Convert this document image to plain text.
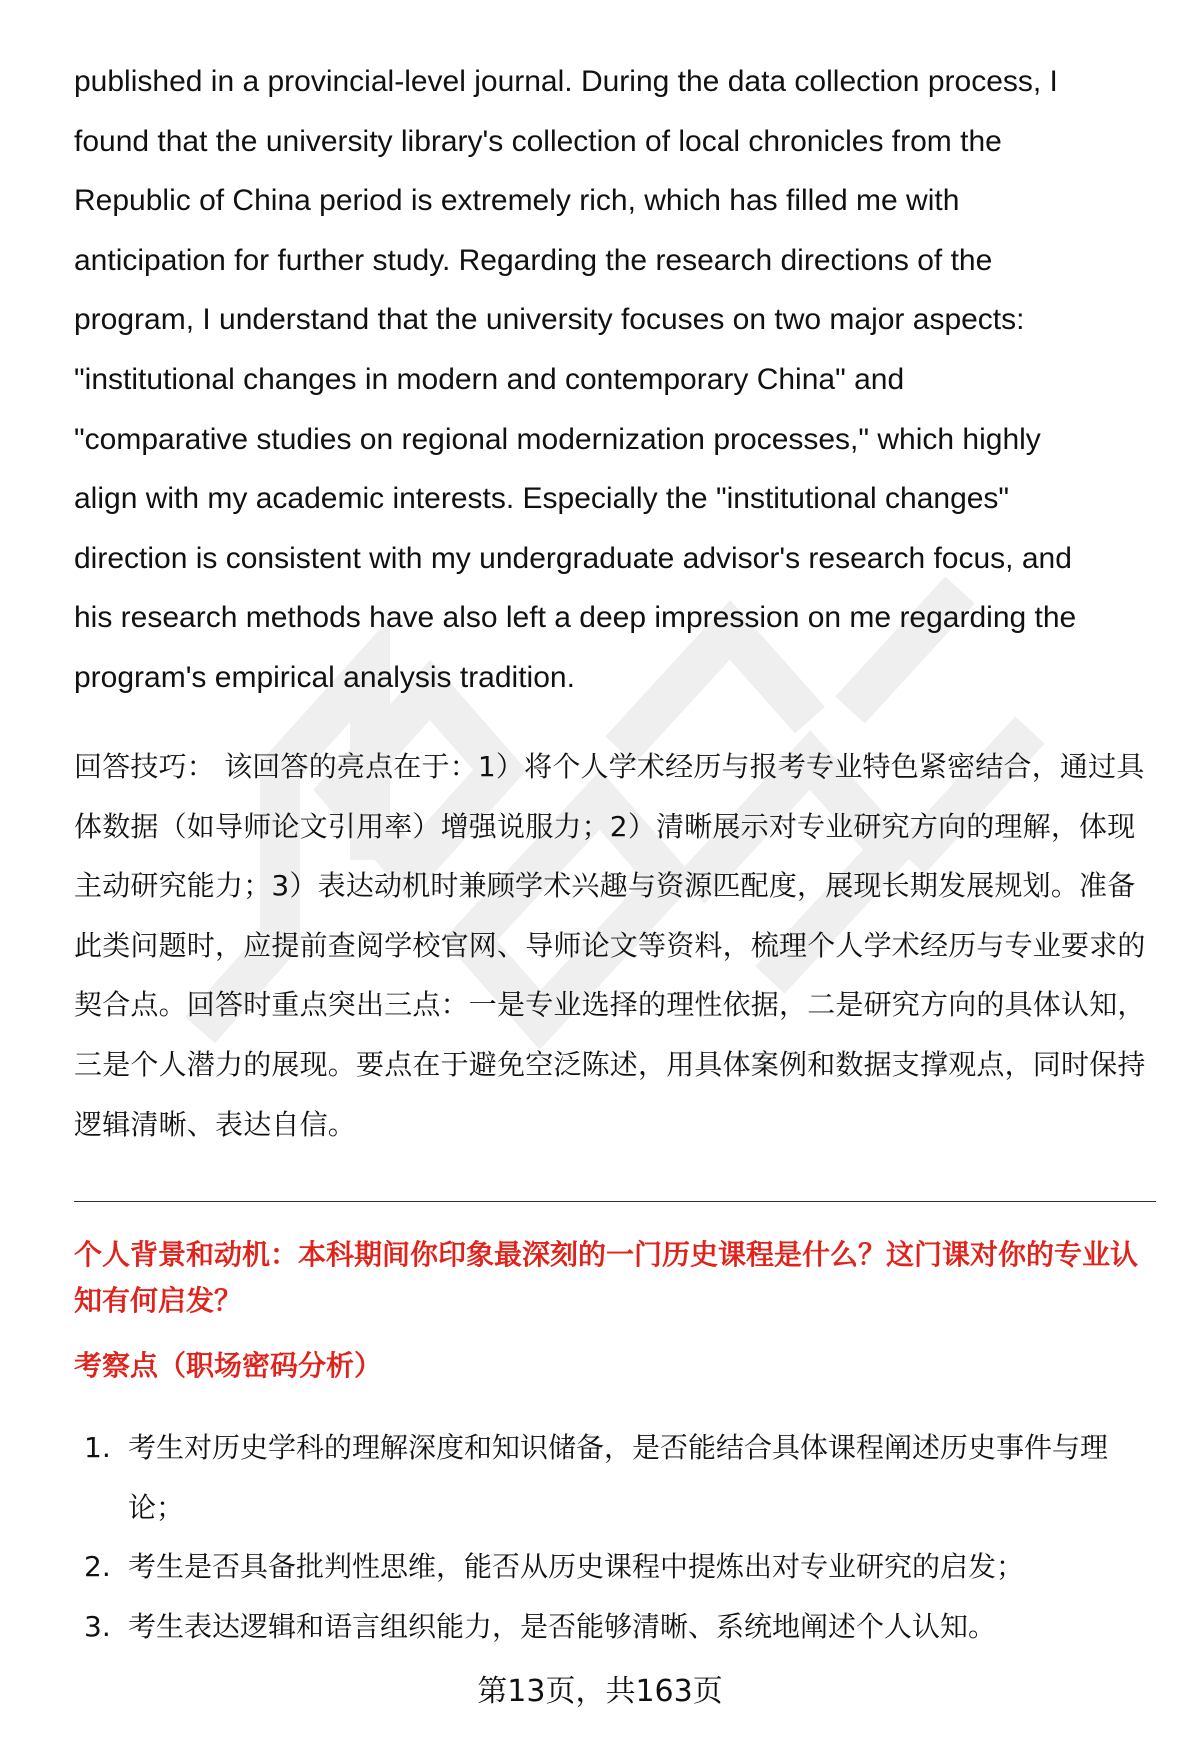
published in a provincial-level journal. During the data collection process, I
found that the university library's collection of local chronicles from the
Republic of China period is extremely rich, which has filled me with
anticipation for further study. Regarding the research directions of the
program, I understand that the university focuses on two major aspects:
"institutional changes in modern and contemporary China" and
"comparative studies on regional modernization processes," which highly
align with my academic interests. Especially the "institutional changes"
direction is consistent with my undergraduate advisor's research focus, and
his research methods have also left a deep impression on me regarding the
program's empirical analysis tradition.

回答技巧： 该回答的亮点在于：1）将个人学术经历与报考专业特色紧密结合，通过具体数据（如导师论文引用率）增强说服力；2）清晰展示对专业研究方向的理解，体现主动研究能力；3）表达动机时兼顾学术兴趣与资源匹配度，展现长期发展规划。准备此类问题时，应提前查阅学校官网、导师论文等资料，梳理个人学术经历与专业要求的契合点。回答时重点突出三点：一是专业选择的理性依据，二是研究方向的具体认知，三是个人潜力的展现。要点在于避免空泛陈述，用具体案例和数据支撑观点，同时保持逻辑清晰、表达自信。

个人背景和动机：本科期间你印象最深刻的一门历史课程是什么？这门课对你的专业认知有何启发？

考察点（职场密码分析）

1. 考生对历史学科的理解深度和知识储备，是否能结合具体课程阐述历史事件与理论；
2. 考生是否具备批判性思维，能否从历史课程中提炼出对专业研究的启发；
3. 考生表达逻辑和语言组织能力，是否能够清晰、系统地阐述个人认知。

第13页，共163页
